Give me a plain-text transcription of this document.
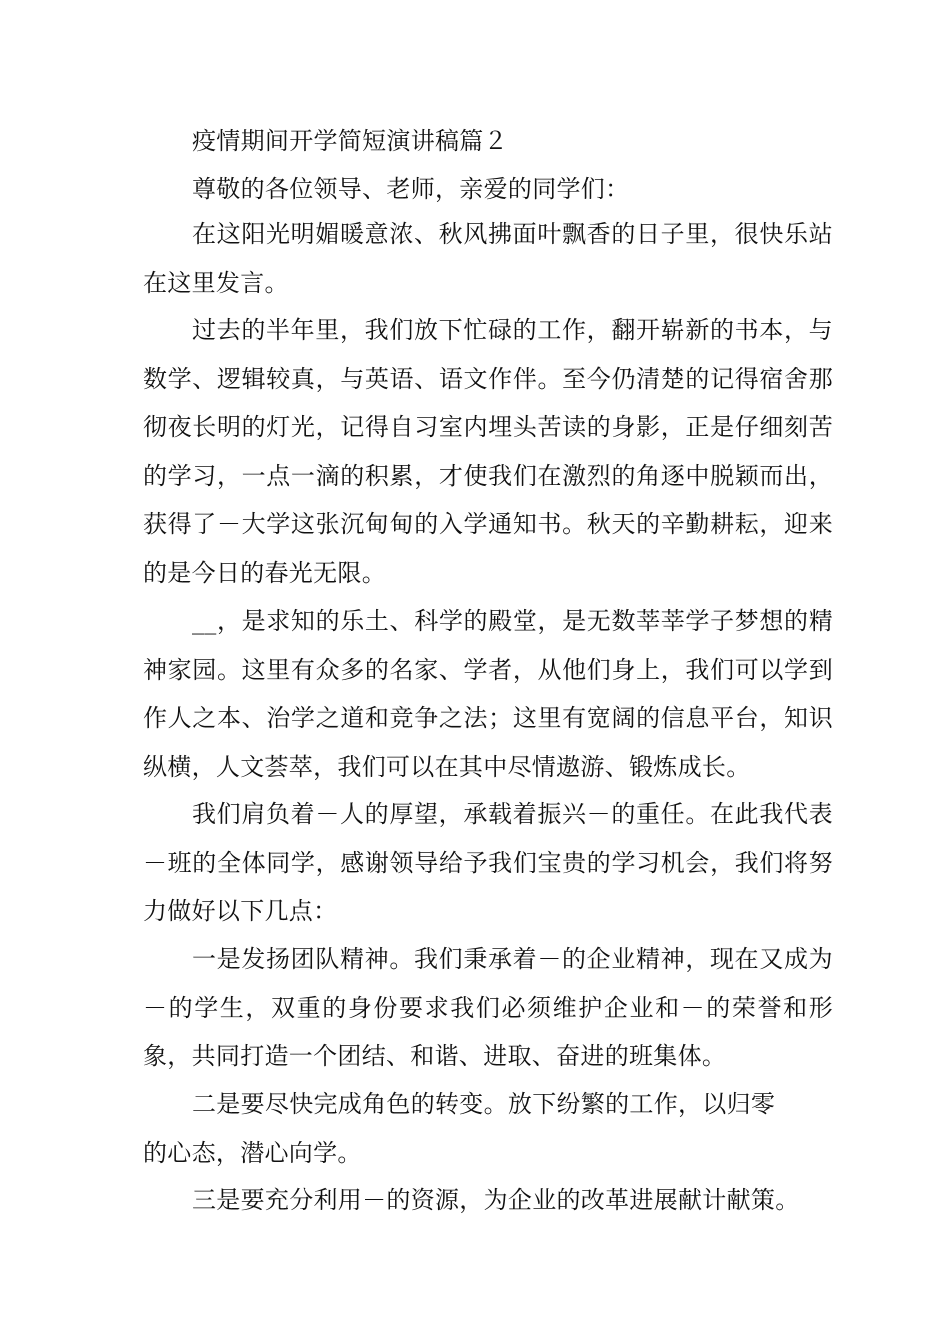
疫情期间开学简短演讲稿篇２

尊敬的各位领导、老师，亲爱的同学们：

在这阳光明媚暖意浓、秋风拂面叶飘香的日子里，很快乐站在这里发言。

过去的半年里，我们放下忙碌的工作，翻开崭新的书本，与数学、逻辑较真，与英语、语文作伴。至今仍清楚的记得宿舍那彻夜长明的灯光，记得自习室内埋头苦读的身影，正是仔细刻苦的学习，一点一滴的积累，才使我们在激烈的角逐中脱颖而出，获得了－大学这张沉甸甸的入学通知书。秋天的辛勤耕耘，迎来的是今日的春光无限。

__，是求知的乐土、科学的殿堂，是无数莘莘学子梦想的精神家园。这里有众多的名家、学者，从他们身上，我们可以学到作人之本、治学之道和竞争之法；这里有宽阔的信息平台，知识纵横，人文荟萃，我们可以在其中尽情遨游、锻炼成长。

我们肩负着－人的厚望，承载着振兴－的重任。在此我代表－班的全体同学，感谢领导给予我们宝贵的学习机会，我们将努力做好以下几点：

一是发扬团队精神。我们秉承着－的企业精神，现在又成为－的学生，双重的身份要求我们必须维护企业和－的荣誉和形象，共同打造一个团结、和谐、进取、奋进的班集体。

二是要尽快完成角色的转变。放下纷繁的工作，以归零的心态，潜心向学。

三是要充分利用－的资源，为企业的改革进展献计献策。
